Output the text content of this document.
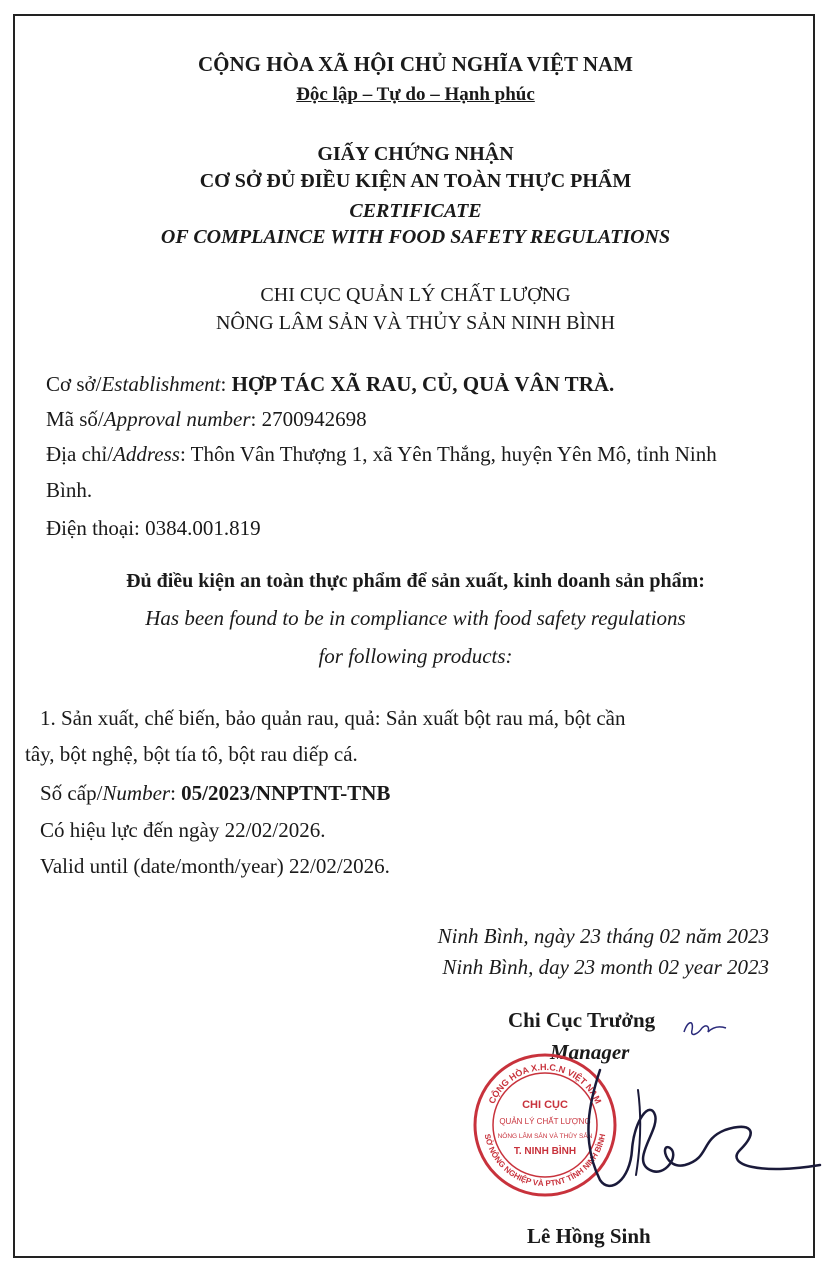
CỘNG HÒA XÃ HỘI CHỦ NGHĨA VIỆT NAM
Độc lập – Tự do – Hạnh phúc
GIẤY CHỨNG NHẬN
CƠ SỞ ĐỦ ĐIỀU KIỆN AN TOÀN THỰC PHẨM
CERTIFICATE
OF COMPLAINCE WITH FOOD SAFETY REGULATIONS
CHI CỤC QUẢN LÝ CHẤT LƯỢNG
NÔNG LÂM SẢN VÀ THỦY SẢN NINH BÌNH
Cơ sở/Establishment: HỢP TÁC XÃ RAU, CỦ, QUẢ VÂN TRÀ.
Mã số/Approval number: 2700942698
Địa chỉ/Address: Thôn Vân Thượng 1, xã Yên Thắng, huyện Yên Mô, tỉnh Ninh
Bình.
Điện thoại: 0384.001.819
Đủ điều kiện an toàn thực phẩm để sản xuất, kinh doanh sản phẩm:
Has been found to be in compliance with food safety regulations
for following products:
1. Sản xuất, chế biến, bảo quản rau, quả: Sản xuất bột rau má, bột cần
tây, bột nghệ, bột tía tô, bột rau diếp cá.
Số cấp/Number: 05/2023/NNPTNT-TNB
Có hiệu lực đến ngày 22/02/2026.
Valid until (date/month/year) 22/02/2026.
Ninh Bình, ngày 23 tháng 02 năm 2023
Ninh Bình, day 23 month 02 year 2023
Chi Cục Trưởng
Manager
CỘNG HÒA X.H.C.N VIỆT NAM
SỞ NÔNG NGHIỆP VÀ PTNT TỈNH NINH BÌNH
CHI CỤC
QUẢN LÝ CHẤT LƯỢNG
NÔNG LÂM SẢN VÀ THỦY SẢN
T. NINH BÌNH
Lê Hồng Sinh
